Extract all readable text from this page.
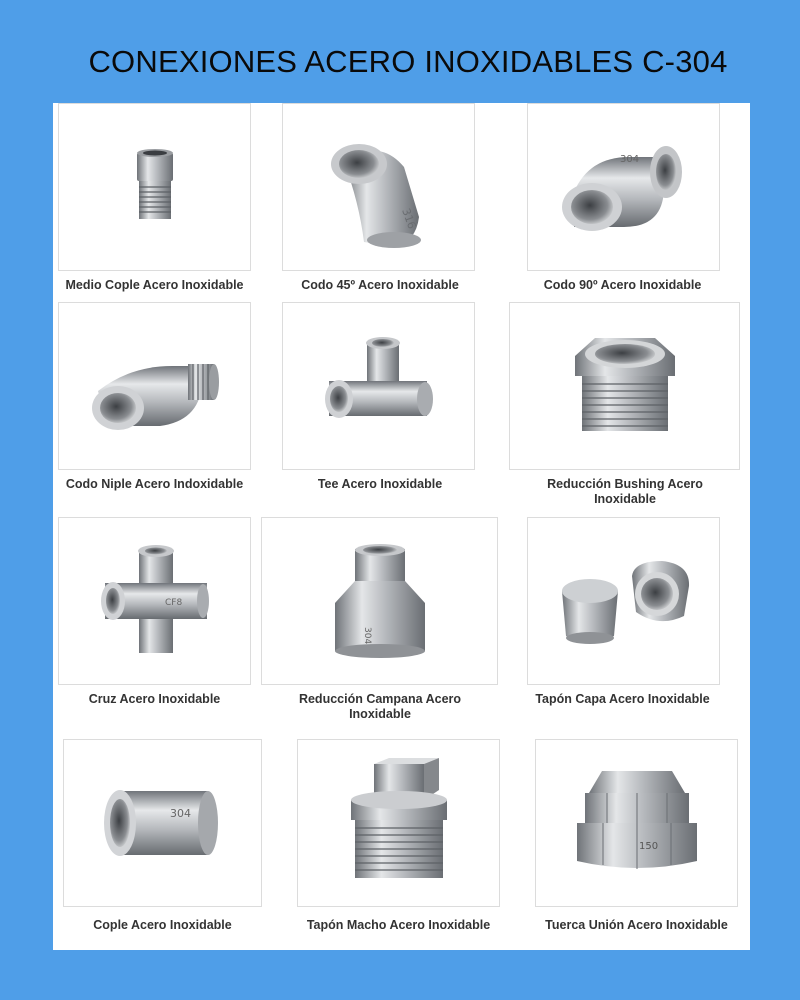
CONEXIONES ACERO INOXIDABLES C-304
Medio Cople Acero Inoxidable
316
Codo 45º Acero Inoxidable
304
Codo 90º Acero Inoxidable
Codo Niple Acero Indoxidable	Tee Acero Inoxidable	Reducción Bushing Acero Inoxidable
CF8
Cruz Acero Inoxidable
304
Reducción Campana Acero Inoxidable
Tapón Capa Acero Inoxidable
304
Cople Acero Inoxidable	Tapón Macho Acero Inoxidable
150
Tuerca Unión Acero Inoxidable
